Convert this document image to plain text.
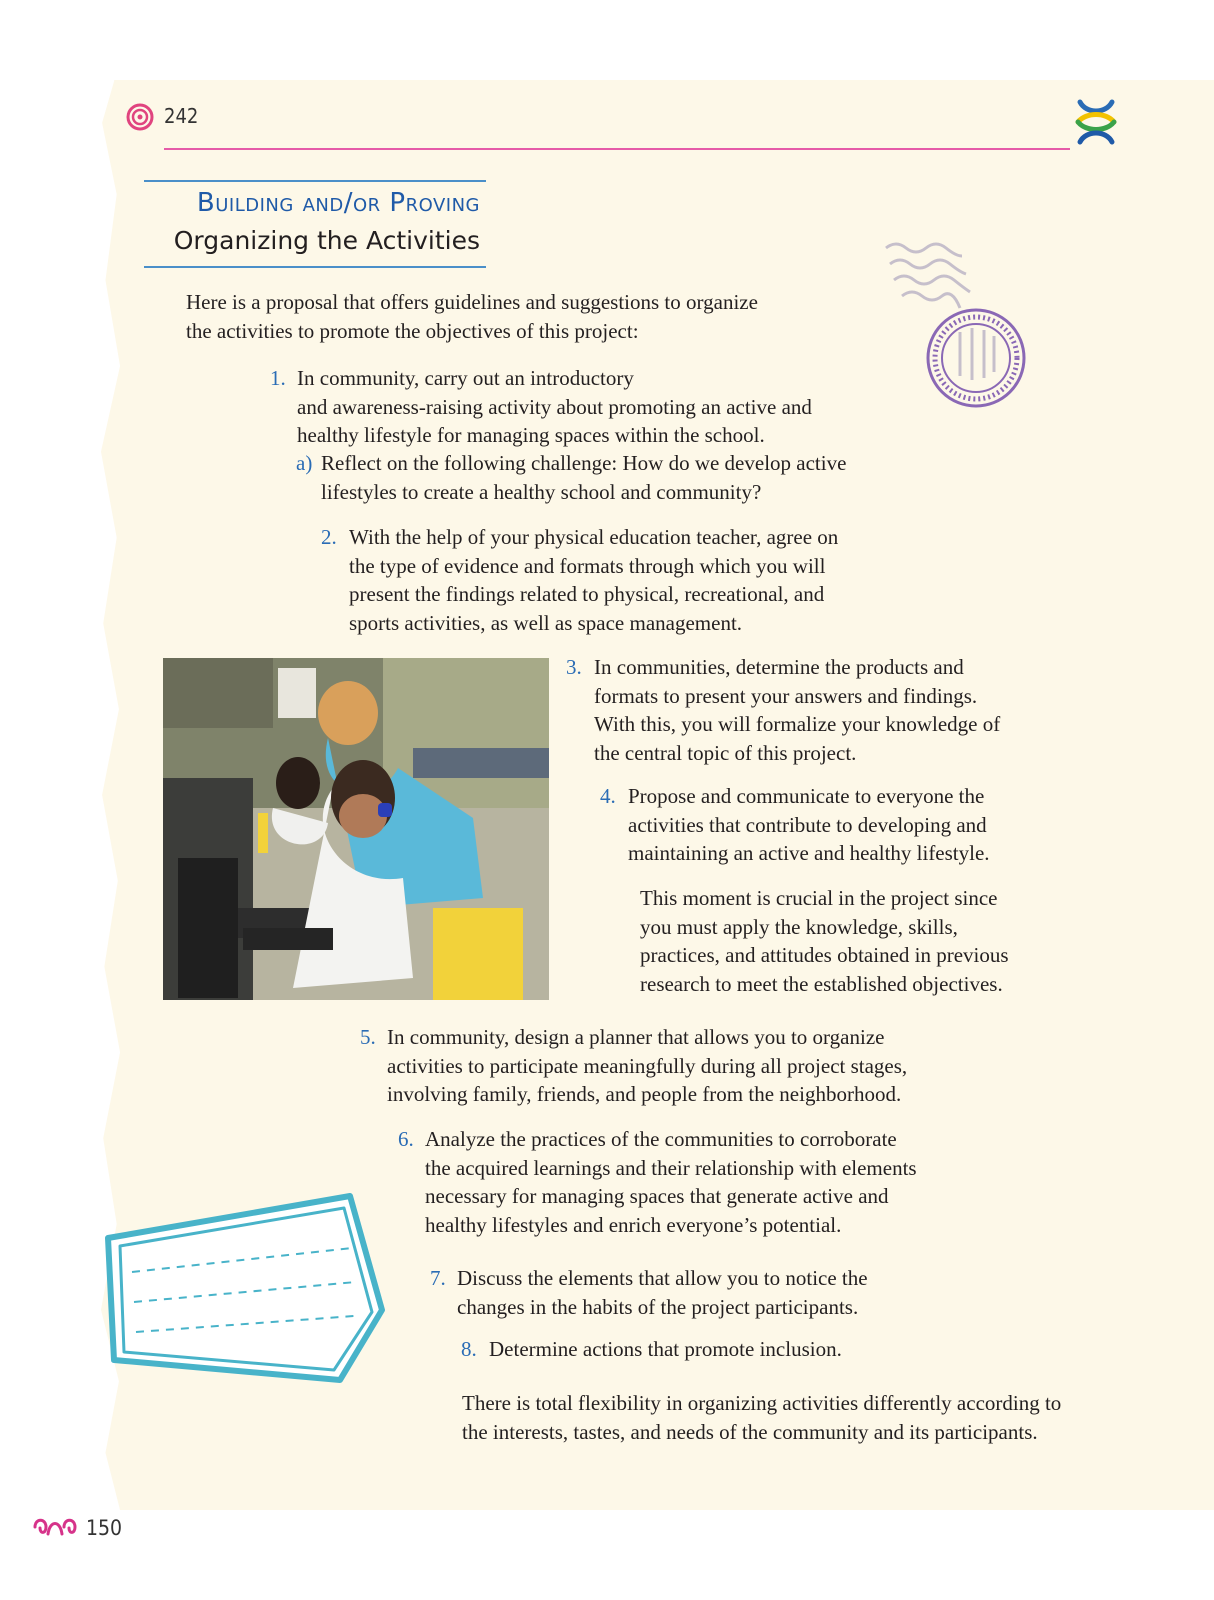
242
Building and/or Proving
Organizing the Activities

Here is a proposal that offers guidelines and suggestions to organize the activities to promote the objectives of this project:

1. In community, carry out an introductory
and awareness-raising activity about promoting an active and
healthy lifestyle for managing spaces within the school.

a) Reflect on the following challenge: How do we develop active
lifestyles to create a healthy school and community?

2. With the help of your physical education teacher, agree on
the type of evidence and formats through which you will
present the findings related to physical, recreational, and
sports activities, as well as space management.

3. In communities, determine the products and
formats to present your answers and findings.
With this, you will formalize your knowledge of
the central topic of this project.

4. Propose and communicate to everyone the
activities that contribute to developing and
maintaining an active and healthy lifestyle.

This moment is crucial in the project since
you must apply the knowledge, skills,
practices, and attitudes obtained in previous
research to meet the established objectives.

5. In community, design a planner that allows you to organize
activities to participate meaningfully during all project stages,
involving family, friends, and people from the neighborhood.

6. Analyze the practices of the communities to corroborate
the acquired learnings and their relationship with elements
necessary for managing spaces that generate active and
healthy lifestyles and enrich everyone’s potential.

7. Discuss the elements that allow you to notice the
changes in the habits of the project participants.

8. Determine actions that promote inclusion.

There is total flexibility in organizing activities differently according to
the interests, tastes, and needs of the community and its participants.

150
